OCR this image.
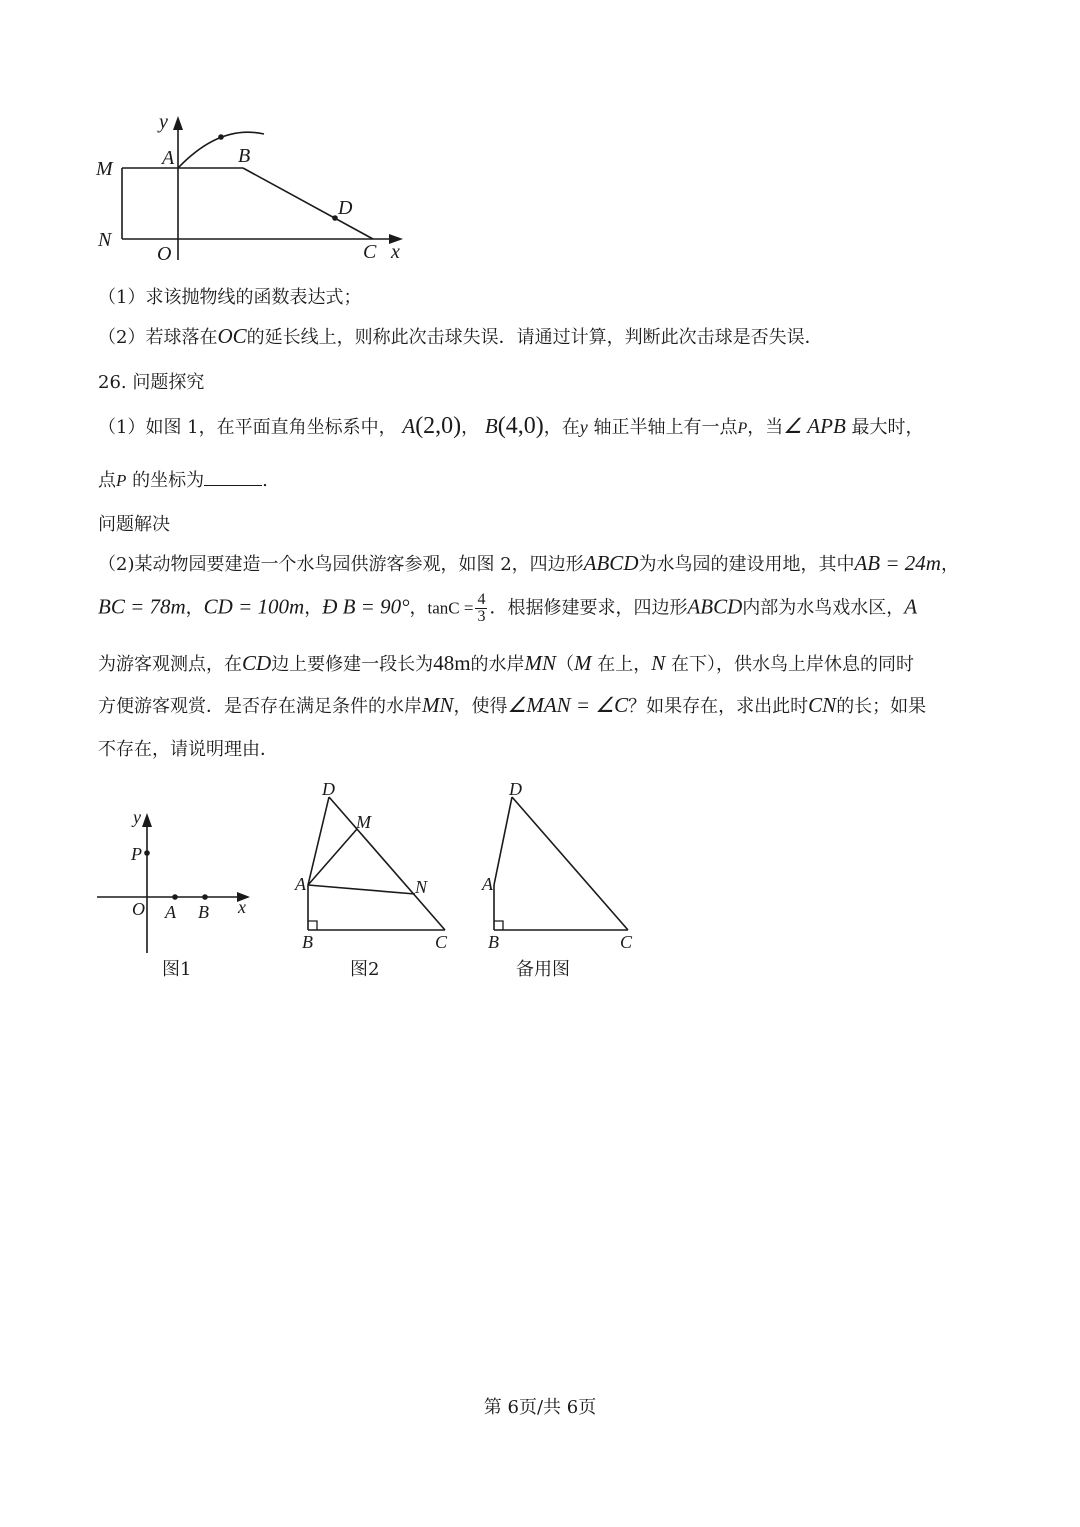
y
A	B
M
N
O	C x
D
（1）求该抛物线的函数表达式；
（2）若球落在OC的延长线上，则称此次击球失误．请通过计算，判断此次击球是否失误．
26. 问题探究
（1）如图 1，在平面直角坐标系中， A(2,0)， B(4,0)，在y 轴正半轴上有一点P，当∠ APB 最大时，
点P 的坐标为	.
问题解决
（2)某动物园要建造一个水鸟园供游客参观，如图 2，四边形ABCD为水鸟园的建设用地，其中AB = 24m，
BC = 78m，CD = 100m，Ð B = 90°，$\tan C = \frac{4}{3}$ ．根据修建要求，四边形ABCD内部为水鸟戏水区，A
为游客观测点，在CD边上要修建一段长为48m的水岸MN（M 在上，N 在下），供水鸟上岸休息的同时
方便游客观赏．是否存在满足条件的水岸MN，使得∠MAN = ∠C？如果存在，求出此时CN的长；如果
不存在，请说明理由．
y
P
O A B x
图1
D
M
A	N
B	C
图2
D
A
B	C
备用图
第 6页/共 6页
